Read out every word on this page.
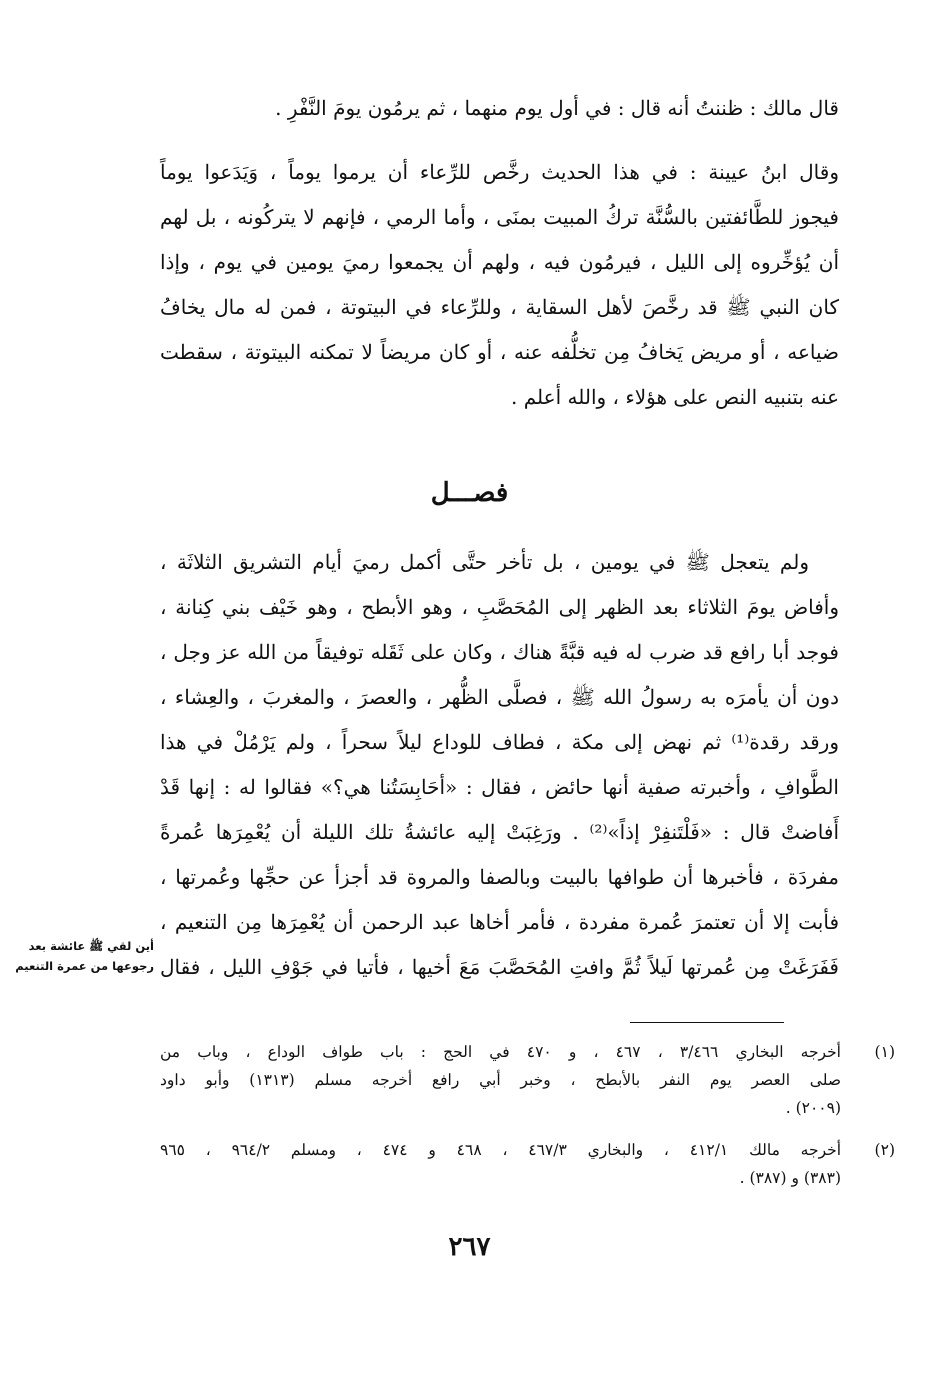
قال مالك : ظننتُ أنه قال : في أول يوم منهما ، ثم يرمُون يومَ النَّفْرِ .
وقال ابنُ عيينة : في هذا الحديث رخَّص للرِّعاء أن يرموا يوماً ، وَيَدَعوا يوماً
فيجوز للطَّائفتين بالسُّنَّة تركُ المبيت بمنَى ، وأما الرمي ، فإنهم لا يتركُونه ، بل لهم
أن يُؤخِّروه إلى الليل ، فيرمُون فيه ، ولهم أن يجمعوا رميَ يومين في يوم ، وإذا
كان النبي ﷺ قد رخَّصَ لأهل السقاية ، وللرِّعاء في البيتوتة ، فمن له مال يخافُ
ضياعه ، أو مريض يَخافُ مِن تخلُّفه عنه ، أو كان مريضاً لا تمكنه البيتوتة ، سقطت
عنه بتنبيه النص على هؤلاء ، والله أعلم .
فصـــل
ولم يتعجل ﷺ في يومين ، بل تأخر حتَّى أكمل رميَ أيام التشريق الثلاثَة ،
وأفاض يومَ الثلاثاء بعد الظهر إلى المُحَصَّبِ ، وهو الأبطح ، وهو خَيْف بني كِنانة ،
فوجد أبا رافع قد ضرب له فيه قبَّةً هناك ، وكان على ثَقَله توفيقاً من الله عز وجل ،
دون أن يأمرَه به رسولُ الله ﷺ ، فصلَّى الظُّهر ، والعصرَ ، والمغربَ ، والعِشاء ،
ورقد رقدة⁽¹⁾ ثم نهض إلى مكة ، فطاف للوداع ليلاً سحراً ، ولم يَرْمُلْ في هذا
الطَّوافِ ، وأخبرته صفية أنها حائض ، فقال : «أحَابِسَتُنا هي؟» فقالوا له : إنها قَدْ
أَفاضتْ قال : «فَلْتَنفِرْ إذاً»⁽²⁾ . ورَغِبَتْ إليه عائشةُ تلك الليلة أن يُعْمِرَها عُمرةً
مفردَة ، فأخبرها أن طوافها بالبيت وبالصفا والمروة قد أجزأ عن حجِّها وعُمرتها ،
فأبت إلا أن تعتمرَ عُمرة مفردة ، فأمر أخاها عبد الرحمن أن يُعْمِرَها مِن التنعيم ،
فَفَرَغَتْ مِن عُمرتها لَيلاً ثُمَّ وافتِ المُحَصَّبَ مَعَ أخيها ، فأتيا في جَوْفِ الليل ، فقال
أين لقي ﷺ عائشة بعد
رجوعها من عمرة التنعيم
(١)
أخرجه البخاري ٣/٤٦٦ ، ٤٦٧ ، و ٤٧٠ في الحج : باب طواف الوداع ، وباب من
صلى العصر يوم النفر بالأبطح ، وخبر أبي رافع أخرجه مسلم (١٣١٣) وأبو داود
(٢٠٠٩) .
(٢)
أخرجه مالك ٤١٢/١ ، والبخاري ٤٦٧/٣ ، ٤٦٨ و ٤٧٤ ، ومسلم ٩٦٤/٢ ، ٩٦٥
(٣٨٣) و (٣٨٧) .
٢٦٧
